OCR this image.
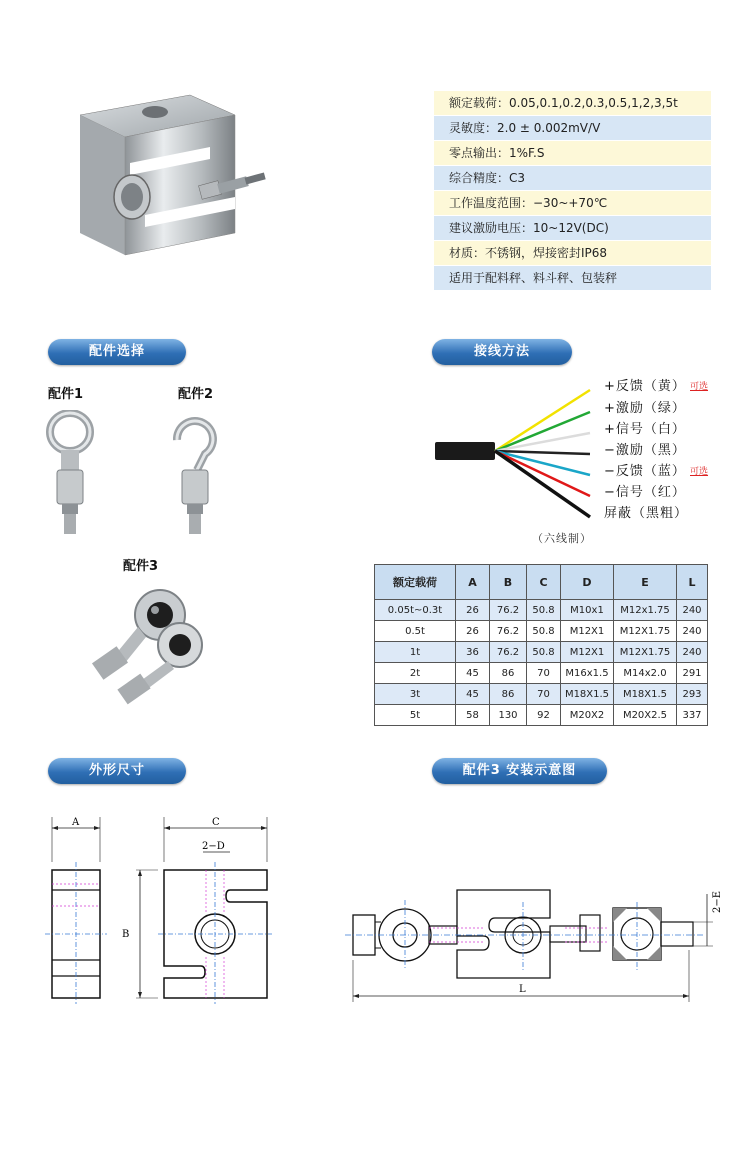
额定载荷：0.05,0.1,0.2,0.3,0.5,1,2,3,5t
灵敏度：2.0 ± 0.002mV/V
零点输出：1%F.S
综合精度：C3
工作温度范围：−30~+70℃
建议激励电压：10~12V(DC)
材质：不锈钢，焊接密封IP68
适用于配料秤、料斗秤、包装秤
配件选择	接线方法
外形尺寸	配件3 安装示意图
配件1	配件2
配件3
+反馈（黄） 可选
+激励（绿）
+信号（白）
−激励（黑）
−反馈（蓝） 可选
−信号（红）
屏蔽（黑粗）
（六线制）
额定载荷	A	B	C	D	E	L
0.05t~0.3t	26	76.2	50.8	M10x1	M12x1.75	240
0.5t	26	76.2	50.8	M12X1	M12X1.75	240
1t	36	76.2	50.8	M12X1	M12X1.75	240
2t	45	86	70	M16x1.5	M14x2.0	291
3t	45	86	70	M18X1.5	M18X1.5	293
5t	58	130	92	M20X2	M20X2.5	337
A	C
2−D
B
L
2−E
